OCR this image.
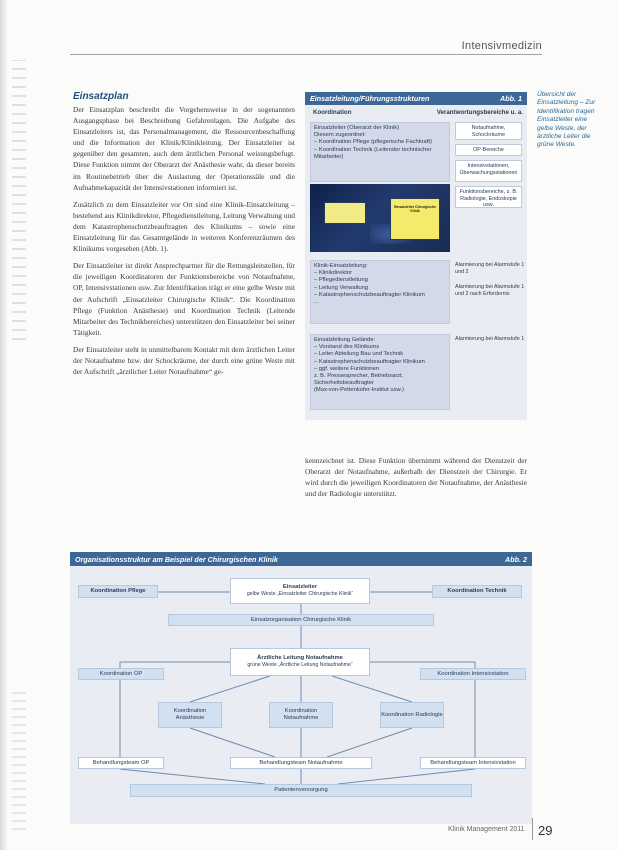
Intensivmedizin
Einsatzplan

Der Einsatzplan beschreibt die Vorgehensweise in der sogenannten Ausgangsphase bei Beschreibung Gefahrenlagen. Die Aufgabe des Einsatzleiters ist, das Personalmanagement, die Ressourcenbeschaffung und die Information der Klinik/Klinikleitung. Der Einsatzleiter ist gegenüber den gesamten, auch dem ärztlichen Personal weisungsbefugt. Diese Funktion nimmt der Oberarzt der Anästhesie wahr, da dieser bereits im Routinebetrieb über die Auslastung der Operationssäle und die Aufnahmekapazität der Intensivstationen informiert ist.

Zusätzlich zu dem Einsatzleiter vor Ort sind eine Klinik-Einsatzleitung – bestehend aus Klinikdirektor, Pflegedienstleitung, Leitung Verwaltung und dem Katastrophenschutzbeauftragten des Klinikums – sowie eine Einsatzleitung für das Gesamtgelände in weiteren Konferenzräumen des Klinikums vorgesehen (Abb. 1).

Der Einsatzleiter ist direkt Ansprechpartner für die Rettungsleitstellen, für die jeweiligen Koordinatoren der Funktionsbereiche von Notaufnahme, OP, Intensivstationen usw. Zur Identifikation trägt er eine gelbe Weste mit der Aufschrift „Einsatzleiter Chirurgische Klinik“. Die Koordination Pflege (Funktion Anästhesie) und Koordination Technik (Leitende Mitarbeiter des Technikbereiches) unterstützen den Einsatzleiter bei seiner Tätigkeit.

Der Einsatzleiter steht in unmittelbarem Kontakt mit dem ärztlichen Leiter der Notaufnahme bzw. der Schockräume, der durch eine grüne Weste mit der Aufschrift „ärztlicher Leiter Notaufnahme“ ge-

kennzeichnet ist. Diese Funktion übernimmt während der Dienstzeit der Oberarzt der Notaufnahme, außerhalb der Dienstzeit der Chirurgie. Er wird durch die jeweiligen Koordinatoren der Notaufnahme, der Anästhesie und der Radiologie unterstützt.

Übersicht der Einsatzleitung – Zur Identifikation tragen Einsatzleiter eine gelbe Weste, der ärztliche Leiter die grüne Weste.
Einsatzleitung/Führungsstrukturen	Abb. 1
Koordination	Verantwortungsbereiche u. a.
Einsatzleiter (Oberarzt der Klinik)
Diesem zugeordnet:
– Koordination Pflege (pflegerische Fachkraft)
– Koordination Technik (Leitender technischer Mitarbeiter)
Notaufnahme, Schockräume
OP-Bereiche
Intensivstationen, Überwachungsstationen
Funktionsbereiche, z. B. Radiologie, Endoskopie usw.
Einsatzleiter Chirurgische Klinik
Klinik-Einsatzleitung:
– Klinikdirektor
– Pflegedienstleitung
– Leitung Verwaltung
– Katastrophenschutzbeauftragter Klinikum
...
Alarmierung bei Alarmstufe 1 und 2
Alarmierung bei Alarmstufe 1 und 2 nach Erfordernis
Einsatzleitung Gelände:
– Vorstand des Klinikums
– Leiter Abteilung Bau und Technik
– Katastrophenschutzbeauftragter Klinikum
– ggf. weitere Funktionen
z. B. Pressesprecher, Betriebsarzt, Sicherheitsbeauftragter
(Max-von-Pettenkofer-Institut usw.)
Alarmierung bei Alarmstufe 1
Organisationsstruktur am Beispiel der Chirurgischen Klinik	Abb. 2
Einsatzleiter
gelbe Weste „Einsatzleiter Chirurgische Klinik“
Koordination Pflege	Koordination Technik
Einsatzorganisation Chirurgische Klinik
Ärztliche Leitung Notaufnahme
grüne Weste „Ärztliche Leitung Notaufnahme“
Koordination OP	Koordination Intensivstation
Koordination Anästhesie
Koordination Notaufnahme
Koordination Radiologie
Behandlungsteam OP	Behandlungsteam Notaufnahme	Behandlungsteam Intensivstation
Patientenversorgung
Klinik Management 2011 29
